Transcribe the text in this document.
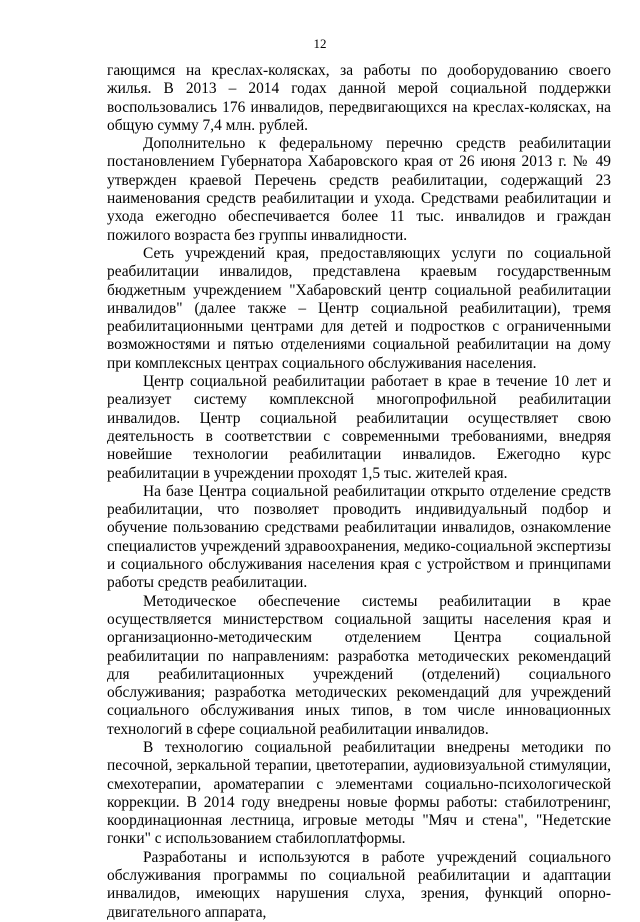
12

гающимся на креслах-колясках, за работы по дооборудованию своего жилья. В 2013 – 2014 годах данной мерой социальной поддержки воспользовались 176 инвалидов, передвигающихся на креслах-колясках, на общую сумму 7,4 млн. рублей.

Дополнительно к федеральному перечню средств реабилитации постановлением Губернатора Хабаровского края от 26 июня 2013 г. № 49 утвержден краевой Перечень средств реабилитации, содержащий 23 наименования средств реабилитации и ухода. Средствами реабилитации и ухода ежегодно обеспечивается более 11 тыс. инвалидов и граждан пожилого возраста без группы инвалидности.

Сеть учреждений края, предоставляющих услуги по социальной реабилитации инвалидов, представлена краевым государственным бюджетным учреждением "Хабаровский центр социальной реабилитации инвалидов" (далее также – Центр социальной реабилитации), тремя реабилитационными центрами для детей и подростков с ограниченными возможностями и пятью отделениями социальной реабилитации на дому при комплексных центрах социального обслуживания населения.

Центр социальной реабилитации работает в крае в течение 10 лет и реализует систему комплексной многопрофильной реабилитации инвалидов. Центр социальной реабилитации осуществляет свою деятельность в соответствии с современными требованиями, внедряя новейшие технологии реабилитации инвалидов. Ежегодно курс реабилитации в учреждении проходят 1,5 тыс. жителей края.

На базе Центра социальной реабилитации открыто отделение средств реабилитации, что позволяет проводить индивидуальный подбор и обучение пользованию средствами реабилитации инвалидов, ознакомление специалистов учреждений здравоохранения, медико-социальной экспертизы и социального обслуживания населения края с устройством и принципами работы средств реабилитации.

Методическое обеспечение системы реабилитации в крае осуществляется министерством социальной защиты населения края и организационно-методическим отделением Центра социальной реабилитации по направлениям: разработка методических рекомендаций для реабилитационных учреждений (отделений) социального обслуживания; разработка методических рекомендаций для учреждений социального обслуживания иных типов, в том числе инновационных технологий в сфере социальной реабилитации инвалидов.

В технологию социальной реабилитации внедрены методики по песочной, зеркальной терапии, цветотерапии, аудиовизуальной стимуляции, смехотерапии, ароматерапии с элементами социально-психологической коррекции. В 2014 году внедрены новые формы работы: стабилотренинг, координационная лестница, игровые методы "Мяч и стена", "Недетские гонки" с использованием стабилоплатформы.

Разработаны и используются в работе учреждений социального обслуживания программы по социальной реабилитации и адаптации инвалидов, имеющих нарушения слуха, зрения, функций опорно-двигательного аппарата,
